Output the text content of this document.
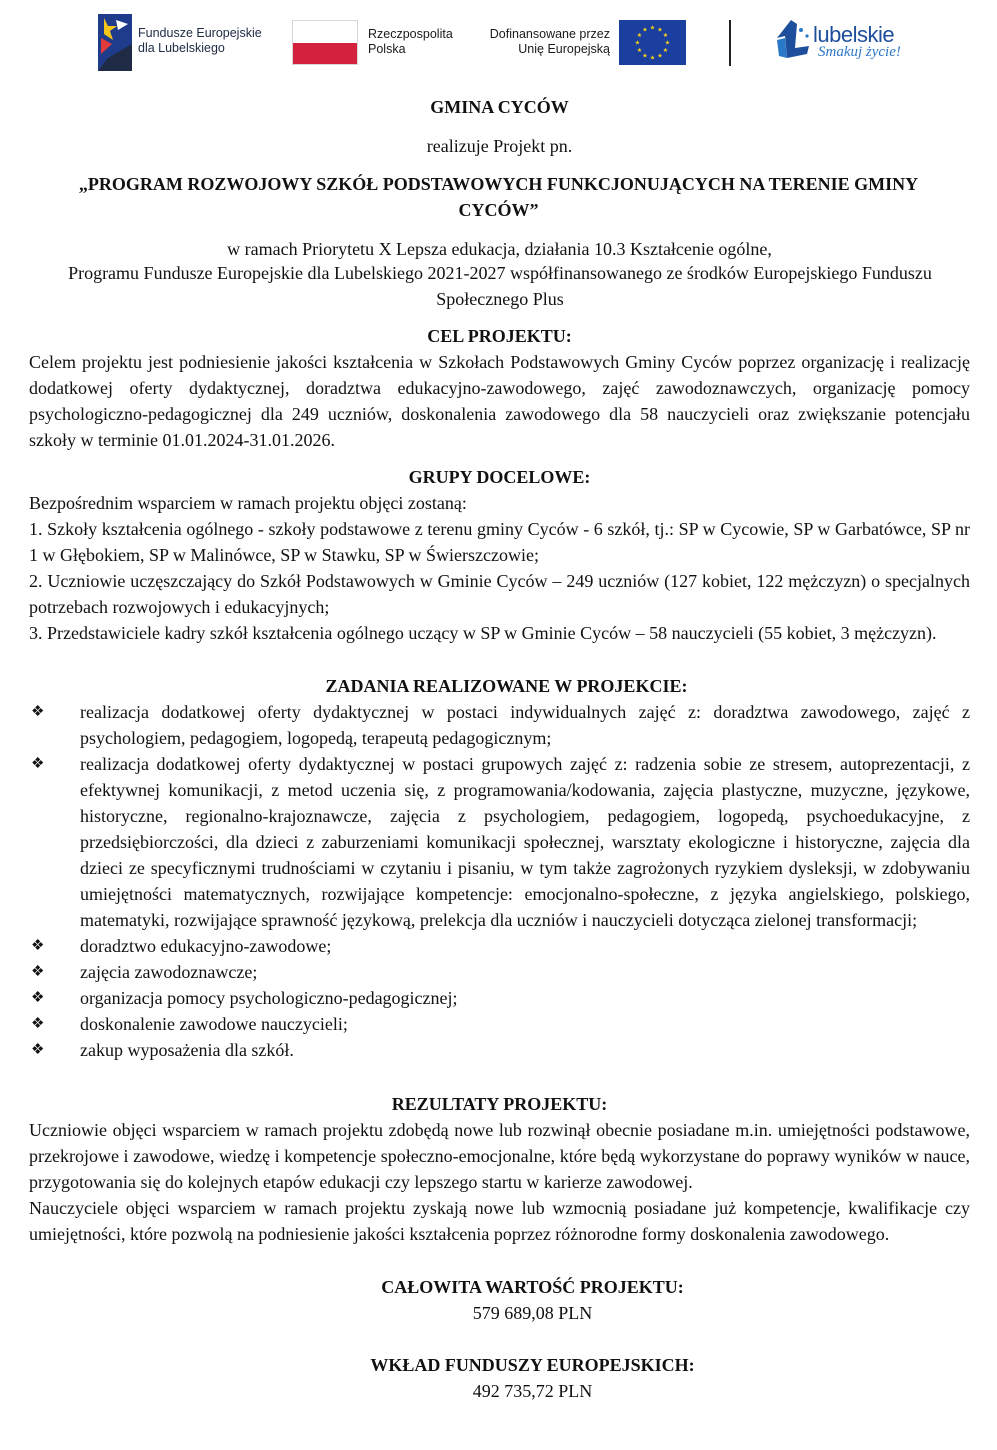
Fundusze Europejskie dla Lubelskiego
Rzeczpospolita Polska
Dofinansowane przez Unię Europejską
★ ★
★
★
★
★
★
★
★
★
★
★	lubelskie
Smakuj życie!

GMINA CYCÓW

realizuje Projekt pn.

„PROGRAM ROZWOJOWY SZKÓŁ PODSTAWOWYCH FUNKCJONUJĄCYCH NA TERENIE GMINY CYCÓW”

w ramach Priorytetu X Lepsza edukacja, działania 10.3 Kształcenie ogólne,

Programu Fundusze Europejskie dla Lubelskiego 2021-2027 współfinansowanego ze środków Europejskiego Funduszu Społecznego Plus

CEL PROJEKTU:

Celem projektu jest podniesienie jakości kształcenia w Szkołach Podstawowych Gminy Cyców poprzez organizację i realizację dodatkowej oferty dydaktycznej, doradztwa edukacyjno-zawodowego, zajęć zawodoznawczych, organizację pomocy psychologiczno-pedagogicznej dla 249 uczniów, doskonalenia zawodowego dla 58 nauczycieli oraz zwiększanie potencjału szkoły w terminie 01.01.2024-31.01.2026.

GRUPY DOCELOWE:

Bezpośrednim wsparciem w ramach projektu objęci zostaną:

1. Szkoły kształcenia ogólnego - szkoły podstawowe z terenu gminy Cyców - 6 szkół, tj.: SP w Cycowie, SP w Garbatówce, SP nr 1 w Głębokiem, SP w Malinówce, SP w Stawku, SP w Świerszczowie;

2. Uczniowie uczęszczający do Szkół Podstawowych w Gminie Cyców – 249 uczniów (127 kobiet, 122 mężczyzn) o specjalnych potrzebach rozwojowych i edukacyjnych;

3. Przedstawiciele kadry szkół kształcenia ogólnego uczący w SP w Gminie Cyców – 58 nauczycieli (55 kobiet, 3 mężczyzn).

ZADANIA REALIZOWANE W PROJEKCIE:

❖ realizacja dodatkowej oferty dydaktycznej w postaci indywidualnych zajęć z: doradztwa zawodowego, zajęć z psychologiem, pedagogiem, logopedą, terapeutą pedagogicznym;
❖ realizacja dodatkowej oferty dydaktycznej w postaci grupowych zajęć z: radzenia sobie ze stresem, autoprezentacji, z efektywnej komunikacji, z metod uczenia się, z programowania/kodowania, zajęcia plastyczne, muzyczne, językowe, historyczne, regionalno-krajoznawcze, zajęcia z psychologiem, pedagogiem, logopedą, psychoedukacyjne, z przedsiębiorczości, dla dzieci z zaburzeniami komunikacji społecznej, warsztaty ekologiczne i historyczne, zajęcia dla dzieci ze specyficznymi trudnościami w czytaniu i pisaniu, w tym także zagrożonych ryzykiem dysleksji, w zdobywaniu umiejętności matematycznych, rozwijające kompetencje: emocjonalno-społeczne, z języka angielskiego, polskiego, matematyki, rozwijające sprawność językową, prelekcja dla uczniów i nauczycieli dotycząca zielonej transformacji;
❖ doradztwo edukacyjno-zawodowe;
❖ zajęcia zawodoznawcze;
❖ organizacja pomocy psychologiczno-pedagogicznej;
❖ doskonalenie zawodowe nauczycieli;
❖ zakup wyposażenia dla szkół.

REZULTATY PROJEKTU:

Uczniowie objęci wsparciem w ramach projektu zdobędą nowe lub rozwinął obecnie posiadane m.in. umiejętności podstawowe, przekrojowe i zawodowe, wiedzę i kompetencje społeczno-emocjonalne, które będą wykorzystane do poprawy wyników w nauce, przygotowania się do kolejnych etapów edukacji czy lepszego startu w karierze zawodowej.

Nauczyciele objęci wsparciem w ramach projektu zyskają nowe lub wzmocnią posiadane już kompetencje, kwalifikacje czy umiejętności, które pozwolą na podniesienie jakości kształcenia poprzez różnorodne formy doskonalenia zawodowego.

CAŁOWITA WARTOŚĆ PROJEKTU:

579 689,08 PLN

WKŁAD FUNDUSZY EUROPEJSKICH:

492 735,72 PLN
